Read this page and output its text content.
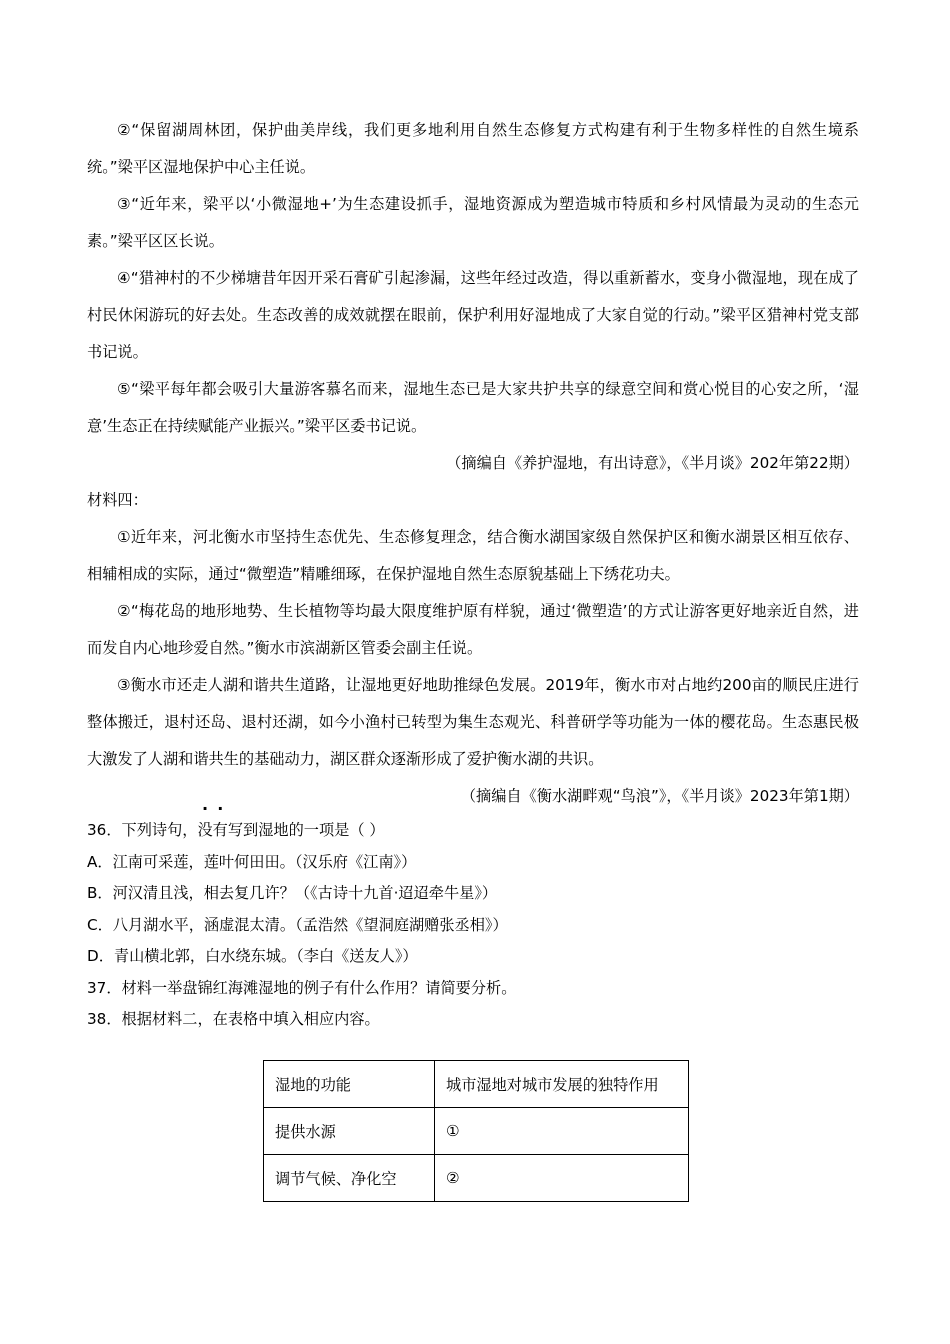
②“保留湖周林团，保护曲美岸线，我们更多地利用自然生态修复方式构建有利于生物多样性的自然生境系统。”梁平区湿地保护中心主任说。

③“近年来，梁平以‘小微湿地+’为生态建设抓手，湿地资源成为塑造城市特质和乡村风情最为灵动的生态元素。”梁平区区长说。

④“猎神村的不少梯塘昔年因开采石膏矿引起渗漏，这些年经过改造，得以重新蓄水，变身小微湿地，现在成了村民休闲游玩的好去处。生态改善的成效就摆在眼前，保护利用好湿地成了大家自觉的行动。”梁平区猎神村党支部书记说。

⑤“梁平每年都会吸引大量游客慕名而来，湿地生态已是大家共护共享的绿意空间和赏心悦目的心安之所，‘湿意’生态正在持续赋能产业振兴。”梁平区委书记说。

（摘编自《养护湿地，有出诗意》，《半月谈》202年第22期）

材料四：

①近年来，河北衡水市坚持生态优先、生态修复理念，结合衡水湖国家级自然保护区和衡水湖景区相互依存、相辅相成的实际，通过“微塑造”精雕细琢，在保护湿地自然生态原貌基础上下绣花功夫。

②“梅花岛的地形地势、生长植物等均最大限度维护原有样貌，通过‘微塑造’的方式让游客更好地亲近自然，进而发自内心地珍爱自然。”衡水市滨湖新区管委会副主任说。

③衡水市还走人湖和谐共生道路，让湿地更好地助推绿色发展。2019年，衡水市对占地约200亩的顺民庄进行整体搬迁，退村还岛、退村还湖，如今小渔村已转型为集生态观光、科普研学等功能为一体的樱花岛。生态惠民极大激发了人湖和谐共生的基础动力，湖区群众逐渐形成了爱护衡水湖的共识。

（摘编自《衡水湖畔观“鸟浪”》，《半月谈》2023年第1期）

36．下列诗句，没有写到湿地的一项是（ ）

A．江南可采莲，莲叶何田田。（汉乐府《江南》）

B．河汉清且浅，相去复几许？（《古诗十九首·迢迢牵牛星》）

C．八月湖水平，涵虚混太清。（孟浩然《望洞庭湖赠张丞相》）

D．青山横北郭，白水绕东城。（李白《送友人》）

37．材料一举盘锦红海滩湿地的例子有什么作用？请简要分析。

38．根据材料二，在表格中填入相应内容。

湿地的功能	城市湿地对城市发展的独特作用
提供水源	①
调节气候、净化空	②
